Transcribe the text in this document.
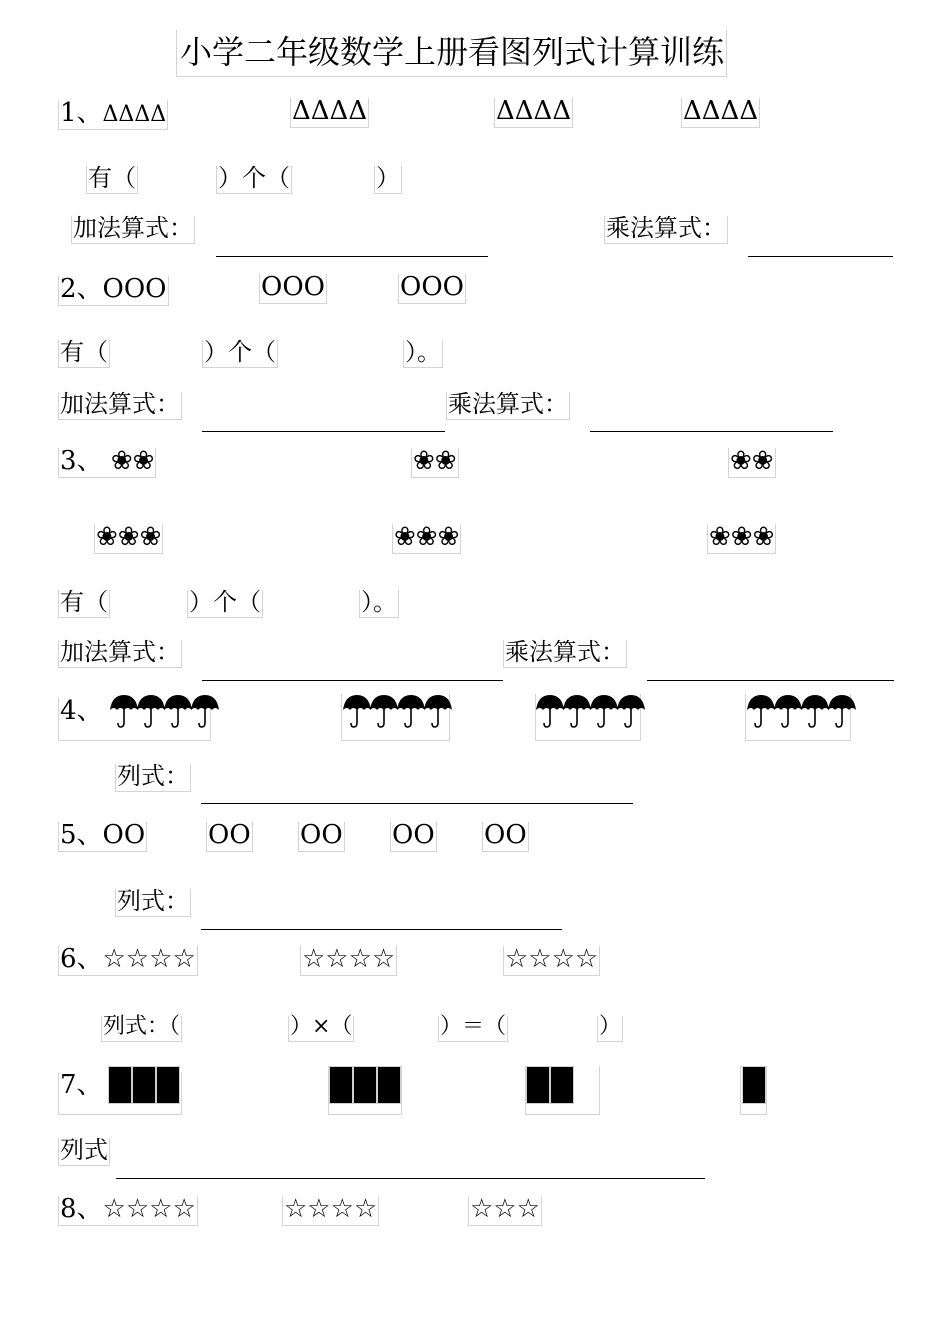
小学二年级数学上册看图列式计算训练
1、ΔΔΔΔ	ΔΔΔΔ	ΔΔΔΔ	ΔΔΔΔ
有（	）个（	）
加法算式：	乘法算式：
2、OOO	OOO	OOO
有（	）个（	）。
加法算式：	乘法算式：
3、 ❀❀	❀❀	❀❀
❀❀❀	❀❀❀	❀❀❀
有（	）个（	）。
加法算式：	乘法算式：
4、
列式：
5、OO OO OO OO OO
列式：
6、☆☆☆☆	☆☆☆☆	☆☆☆☆
列式：（	）×（	）＝（	）
7、
列式
8、☆☆☆☆	☆☆☆☆	☆☆☆
